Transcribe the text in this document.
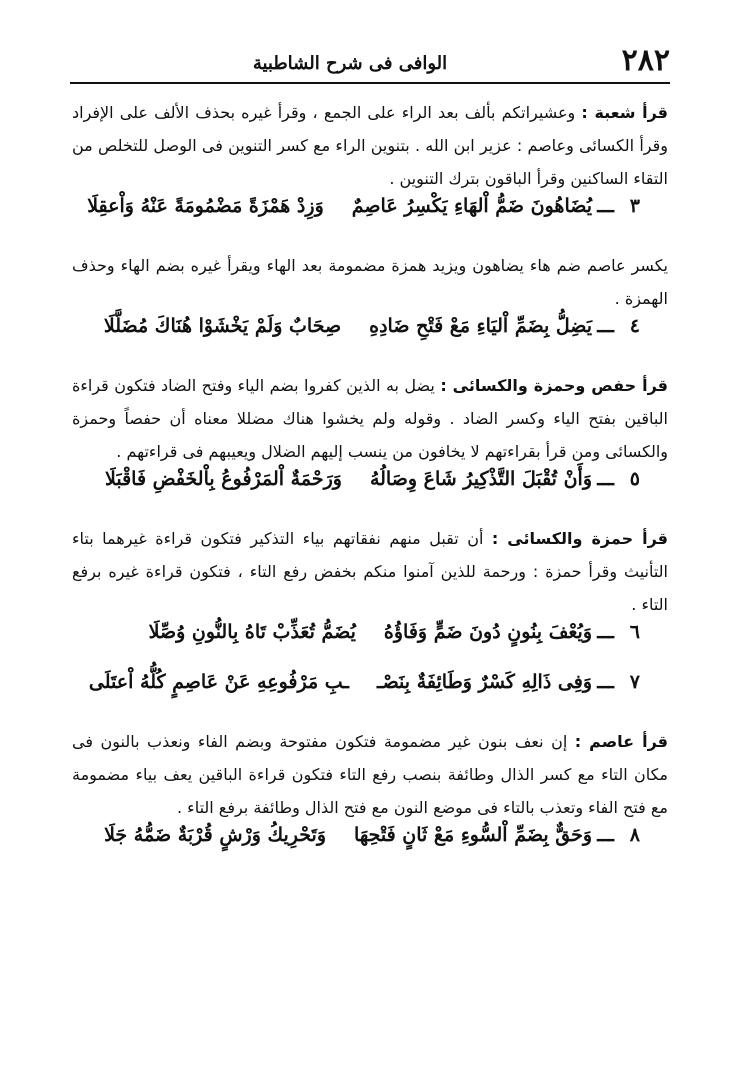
الوافى فى شرح الشاطبية	٢٨٢

قرأ شعبة : وعشيراتكم بألف بعد الراء على الجمع ، وقرأ غيره بحذف الألف على الإفراد وقرأ الكسائى وعاصم : عزير ابن الله . بتنوين الراء مع كسر التنوين فى الوصل للتخلص من التقاء الساكنين وقرأ الباقون بترك التنوين .

٣
ـــ
يُضَاهُونَ ضَمُّ اْلهَاءِ يَكْسِرُ عَاصِمٌ
وَزِدْ هَمْزَةً مَضْمُومَةً عَنْهُ وَاْعقِلَا

يكسر عاصم ضم هاء يضاهون ويزيد همزة مضمومة بعد الهاء ويقرأ غيره بضم الهاء وحذف الهمزة .

٤
ـــ
يَضِلُّ بِضَمِّ اْليَاءِ مَعْ فَتْحِ ضَادِهِ
صِحَابٌ وَلَمْ يَخْشَوْا هُنَاكَ مُضَلَّلَا

قرأ حفص وحمزة والكسائى : يضل به الذين كفروا بضم الياء وفتح الضاد فتكون قراءة الباقين بفتح الياء وكسر الضاد . وقوله ولم يخشوا هناك مضللا معناه أن حفصاً وحمزة والكسائى ومن قرأ بقراءتهم لا يخافون من ينسب إليهم الضلال ويعيبهم فى قراءتهم .

٥
ـــ
وَأَنْ تُقْبَلَ التَّذْكِيرُ شَاعَ وِصَالُهُ
وَرَحْمَةٌ اْلمَرْفُوعُ بِاْلخَفْضِ فَاقْبَلَا

قرأ حمزة والكسائى : أن تقبل منهم نفقاتهم بياء التذكير فتكون قراءة غيرهما بتاء التأنيث وقرأ حمزة : ورحمة للذين آمنوا منكم بخفض رفع التاء ، فتكون قراءة غيره برفع التاء .

٦
ـــ
وَيُعْفَ بِنُونٍ دُونَ ضَمٍّ وَفَاؤُهُ
يُضَمُّ تُعَذِّبْ تَاهُ بِالنُّونِ وُصِّلَا
٧
ـــ
وَفِى ذَالِهِ كَسْرٌ وَطَائِفَةٌ بِنَصْـ
ـبِ مَرْفُوعِهِ عَنْ عَاصِمٍ كُلُّهُ اْعتَلَى

قرأ عاصم : إن نعف بنون غير مضمومة فتكون مفتوحة وبضم الفاء ونعذب بالنون فى مكان التاء مع كسر الذال وطائفة بنصب رفع التاء فتكون قراءة الباقين يعف بياء مضمومة مع فتح الفاء وتعذب بالتاء فى موضع النون مع فتح الذال وطائفة برفع التاء .

٨
ـــ
وَحَقٌّ بِضَمِّ اْلسُّوءِ مَعْ ثَانٍ فَتْحِهَا
وَتَحْرِيكُ وَرْشٍ قُرْبَةٌ ضَمُّهُ جَلَا
